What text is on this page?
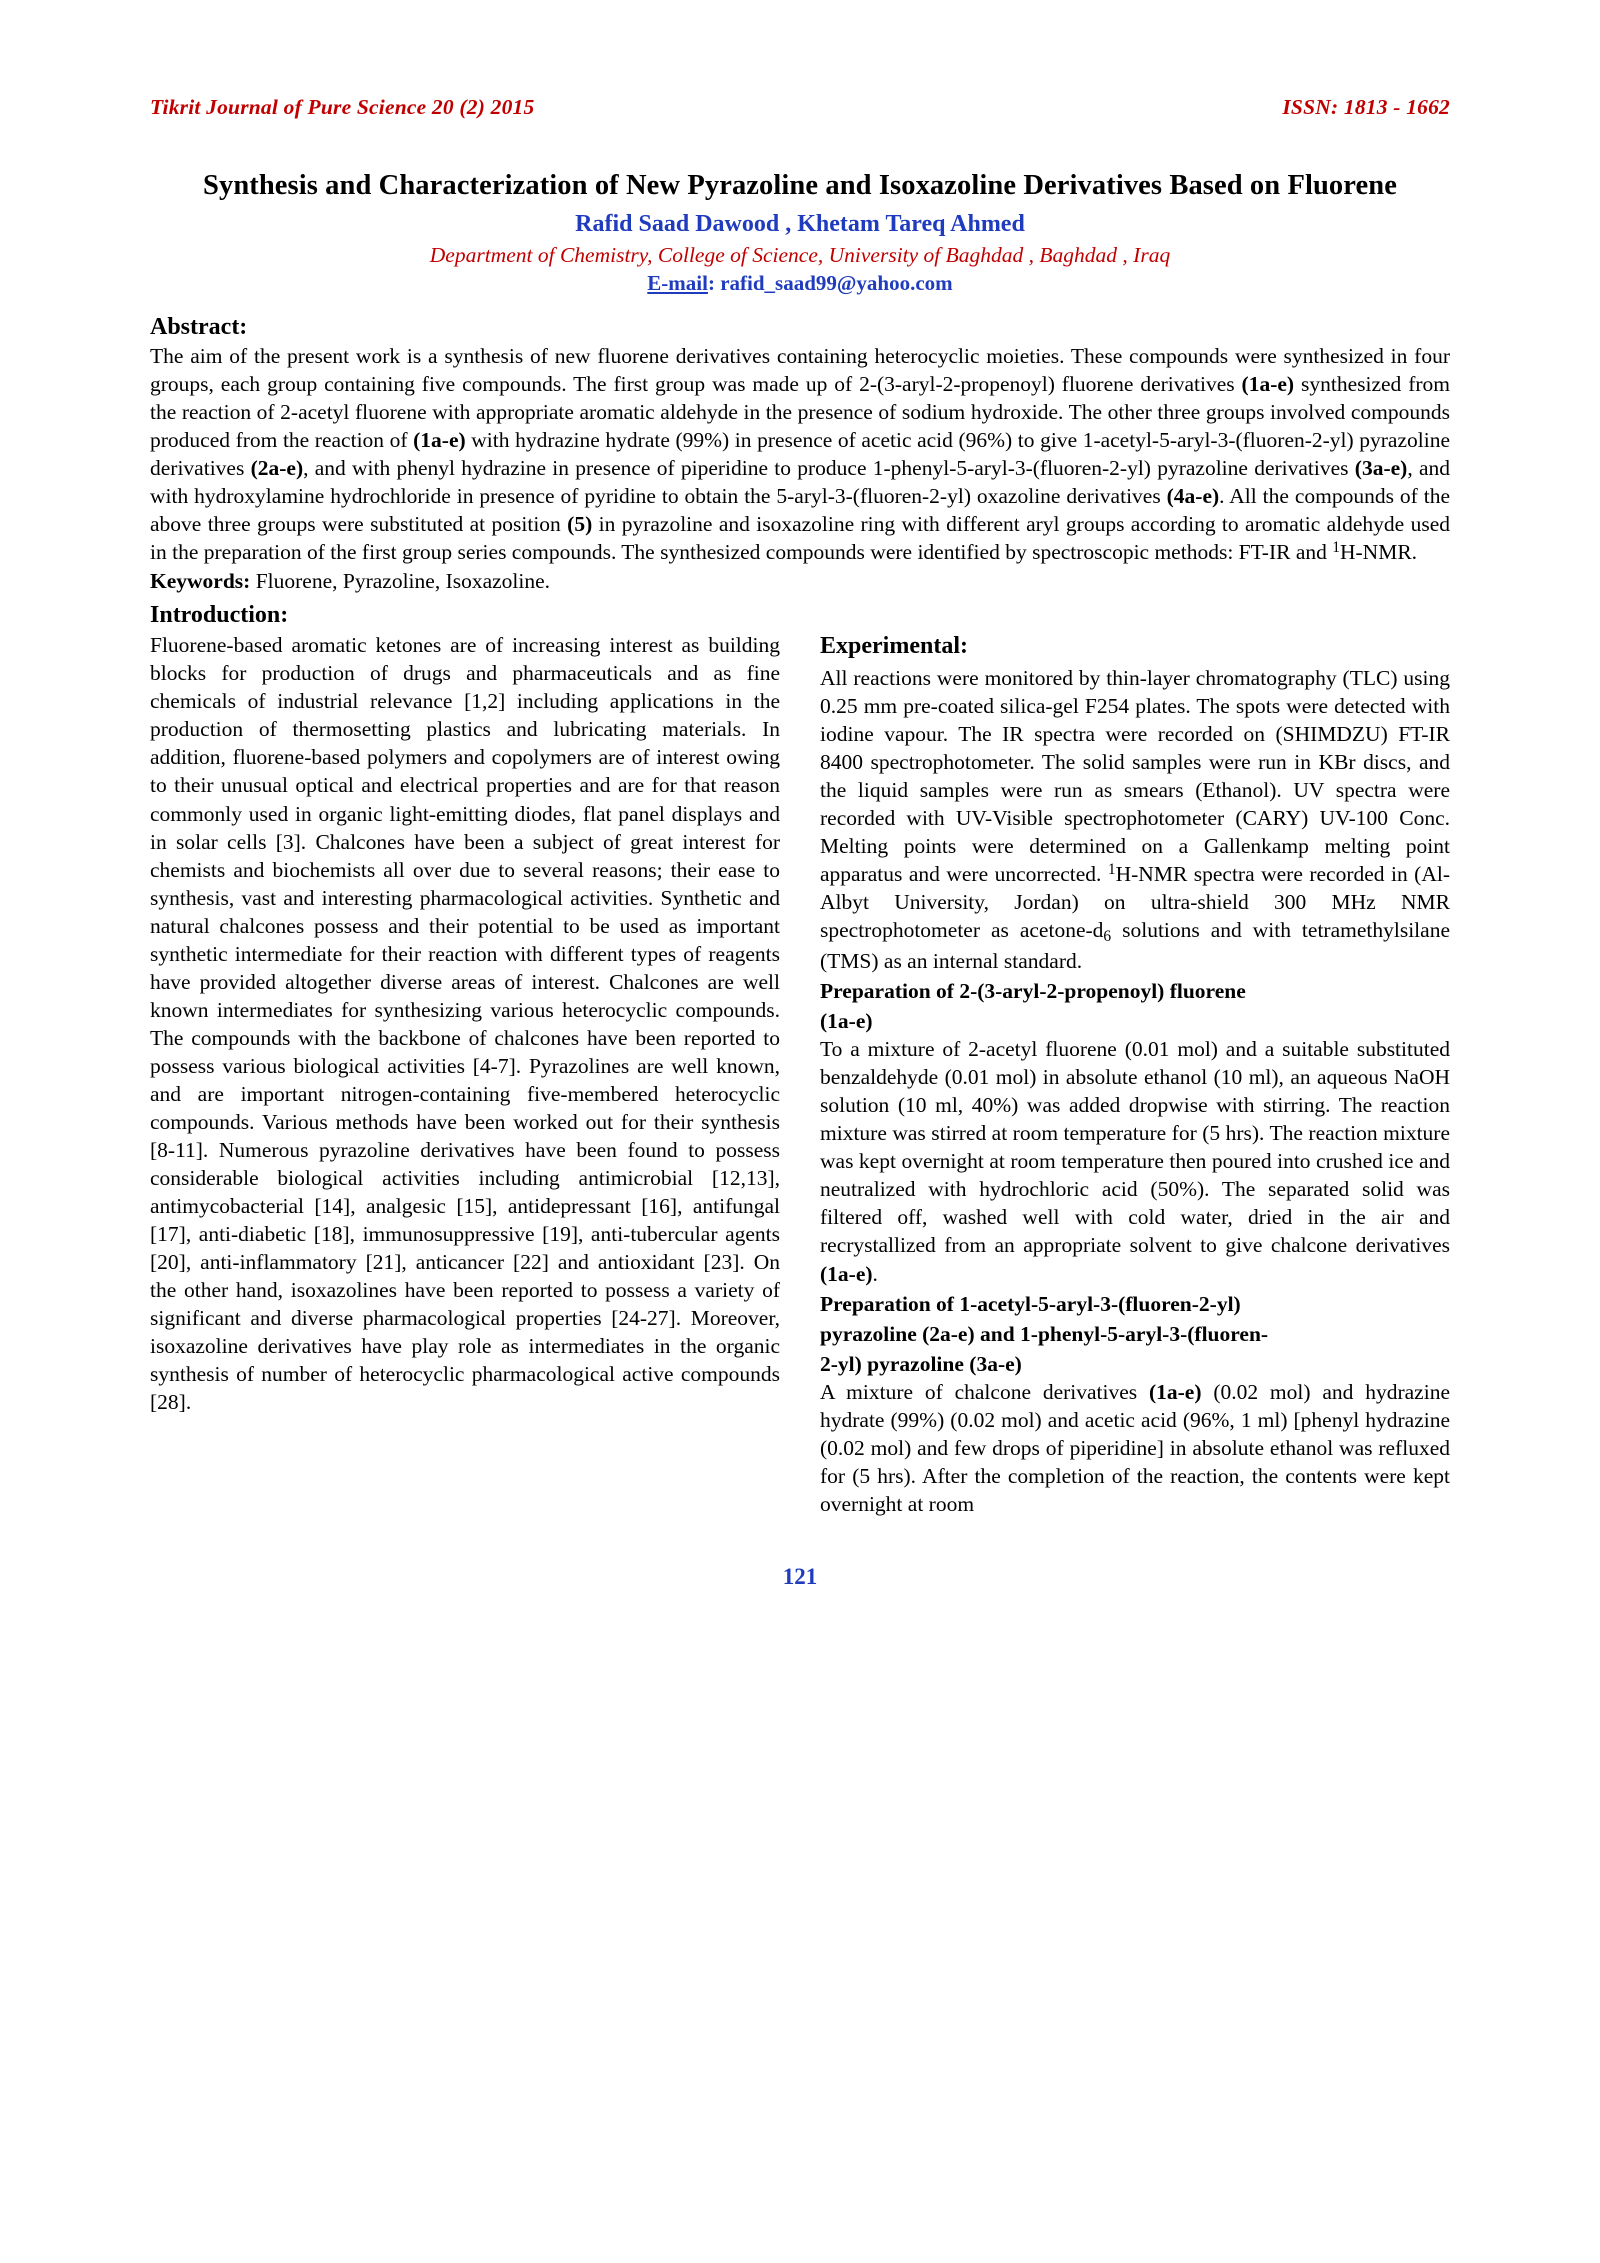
Tikrit Journal of Pure Science 20 (2) 2015	ISSN: 1813 - 1662
Synthesis and Characterization of New Pyrazoline and Isoxazoline Derivatives Based on Fluorene
Rafid Saad Dawood , Khetam Tareq Ahmed
Department of Chemistry, College of Science, University of Baghdad , Baghdad , Iraq
E-mail: rafid_saad99@yahoo.com
Abstract:

The aim of the present work is a synthesis of new fluorene derivatives containing heterocyclic moieties. These compounds were synthesized in four groups, each group containing five compounds. The first group was made up of 2-(3-aryl-2-propenoyl) fluorene derivatives (1a-e) synthesized from the reaction of 2-acetyl fluorene with appropriate aromatic aldehyde in the presence of sodium hydroxide. The other three groups involved compounds produced from the reaction of (1a-e) with hydrazine hydrate (99%) in presence of acetic acid (96%) to give 1-acetyl-5-aryl-3-(fluoren-2-yl) pyrazoline derivatives (2a-e), and with phenyl hydrazine in presence of piperidine to produce 1-phenyl-5-aryl-3-(fluoren-2-yl) pyrazoline derivatives (3a-e), and with hydroxylamine hydrochloride in presence of pyridine to obtain the 5-aryl-3-(fluoren-2-yl) oxazoline derivatives (4a-e). All the compounds of the above three groups were substituted at position (5) in pyrazoline and isoxazoline ring with different aryl groups according to aromatic aldehyde used in the preparation of the first group series compounds. The synthesized compounds were identified by spectroscopic methods: FT-IR and $^1$H-NMR.

Keywords: Fluorene, Pyrazoline, Isoxazoline.
Introduction:

Fluorene-based aromatic ketones are of increasing interest as building blocks for production of drugs and pharmaceuticals and as fine chemicals of industrial relevance [1,2] including applications in the production of thermosetting plastics and lubricating materials. In addition, fluorene-based polymers and copolymers are of interest owing to their unusual optical and electrical properties and are for that reason commonly used in organic light-emitting diodes, flat panel displays and in solar cells [3]. Chalcones have been a subject of great interest for chemists and biochemists all over due to several reasons; their ease to synthesis, vast and interesting pharmacological activities. Synthetic and natural chalcones possess and their potential to be used as important synthetic intermediate for their reaction with different types of reagents have provided altogether diverse areas of interest. Chalcones are well known intermediates for synthesizing various heterocyclic compounds. The compounds with the backbone of chalcones have been reported to possess various biological activities [4-7]. Pyrazolines are well known, and are important nitrogen-containing five-membered heterocyclic compounds. Various methods have been worked out for their synthesis [8-11]. Numerous pyrazoline derivatives have been found to possess considerable biological activities including antimicrobial [12,13], antimycobacterial [14], analgesic [15], antidepressant [16], antifungal [17], anti-diabetic [18], immunosuppressive [19], anti-tubercular agents [20], anti-inflammatory [21], anticancer [22] and antioxidant [23]. On the other hand, isoxazolines have been reported to possess a variety of significant and diverse pharmacological properties [24-27]. Moreover, isoxazoline derivatives have play role as intermediates in the organic synthesis of number of heterocyclic pharmacological active compounds [28].

Experimental:

All reactions were monitored by thin-layer chromatography (TLC) using 0.25 mm pre-coated silica-gel F254 plates. The spots were detected with iodine vapour. The IR spectra were recorded on (SHIMDZU) FT-IR 8400 spectrophotometer. The solid samples were run in KBr discs, and the liquid samples were run as smears (Ethanol). UV spectra were recorded with UV-Visible spectrophotometer (CARY) UV-100 Conc. Melting points were determined on a Gallenkamp melting point apparatus and were uncorrected. $^1$H-NMR spectra were recorded in (Al-Albyt University, Jordan) on ultra-shield 300 MHz NMR spectrophotometer as acetone-$d_6$ solutions and with tetramethylsilane (TMS) as an internal standard.

Preparation of 2-(3-aryl-2-propenoyl) fluorene

(1a-e)

To a mixture of 2-acetyl fluorene (0.01 mol) and a suitable substituted benzaldehyde (0.01 mol) in absolute ethanol (10 ml), an aqueous NaOH solution (10 ml, 40%) was added dropwise with stirring. The reaction mixture was stirred at room temperature for (5 hrs). The reaction mixture was kept overnight at room temperature then poured into crushed ice and neutralized with hydrochloric acid (50%). The separated solid was filtered off, washed well with cold water, dried in the air and recrystallized from an appropriate solvent to give chalcone derivatives (1a-e).

Preparation of 1-acetyl-5-aryl-3-(fluoren-2-yl)

pyrazoline (2a-e) and 1-phenyl-5-aryl-3-(fluoren-

2-yl) pyrazoline (3a-e)

A mixture of chalcone derivatives (1a-e) (0.02 mol) and hydrazine hydrate (99%) (0.02 mol) and acetic acid (96%, 1 ml) [phenyl hydrazine (0.02 mol) and few drops of piperidine] in absolute ethanol was refluxed for (5 hrs). After the completion of the reaction, the contents were kept overnight at room

121
